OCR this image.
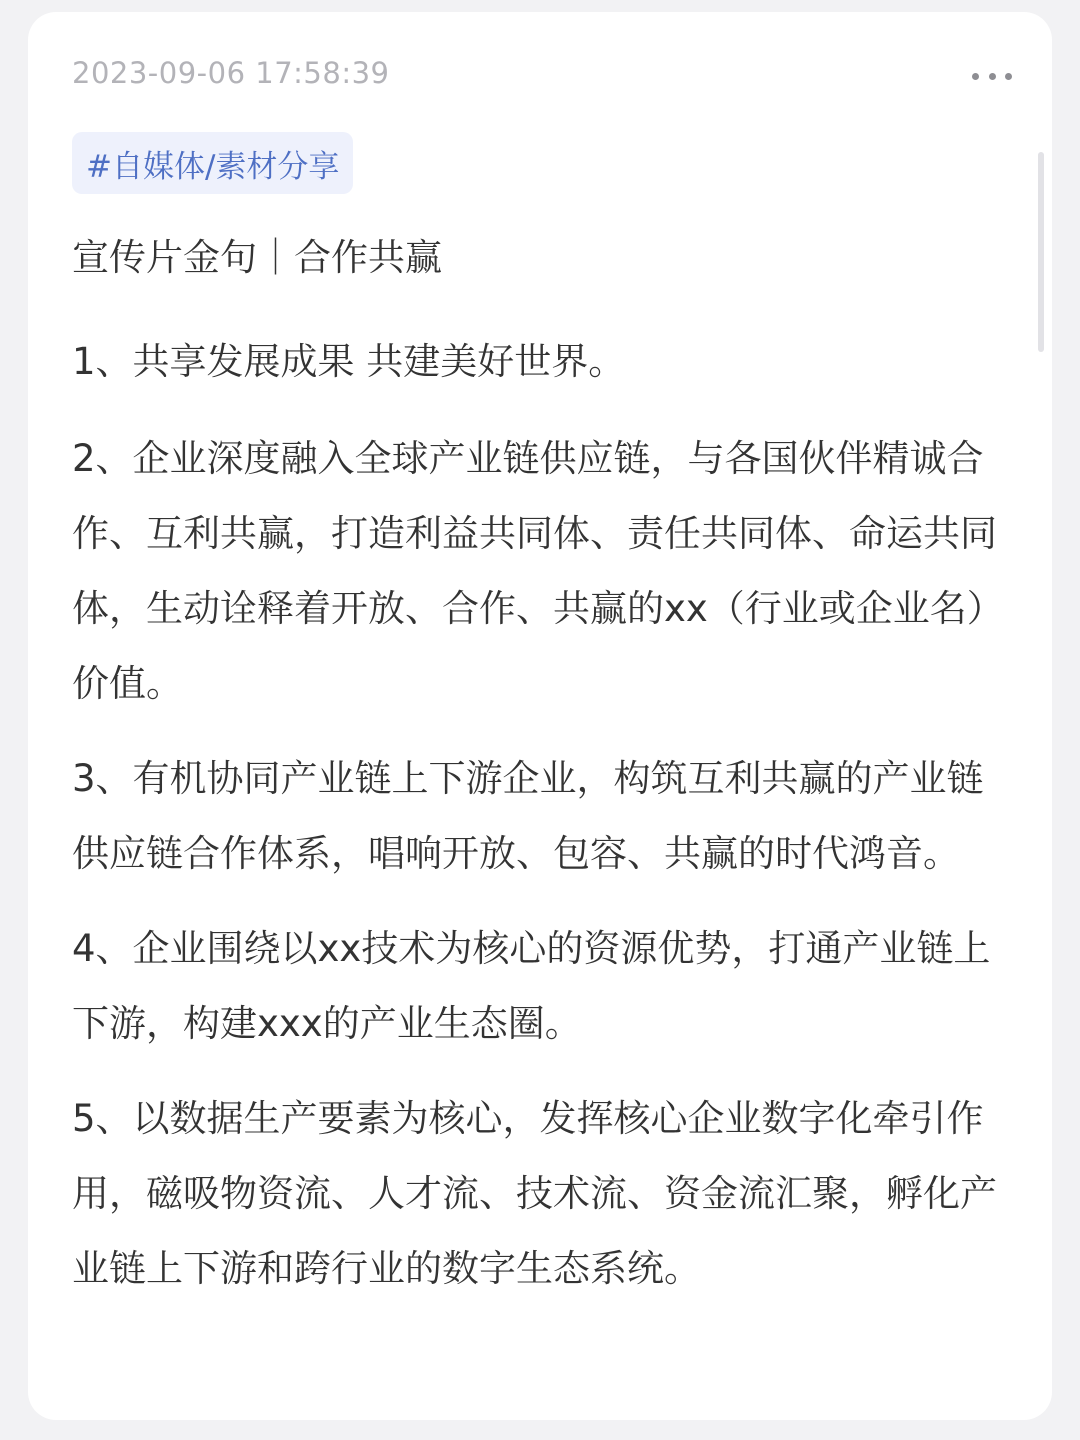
2023-09-06 17:58:39
#自媒体/素材分享
宣传片金句｜合作共赢

1、共享发展成果 共建美好世界。

2、企业深度融入全球产业链供应链，与各国伙伴精诚合作、互利共赢，打造利益共同体、责任共同体、命运共同体，生动诠释着开放、合作、共赢的xx（行业或企业名）价值。

3、有机协同产业链上下游企业，构筑互利共赢的产业链供应链合作体系，唱响开放、包容、共赢的时代鸿音。

4、企业围绕以xx技术为核心的资源优势，打通产业链上下游，构建xxx的产业生态圈。

5、以数据生产要素为核心，发挥核心企业数字化牵引作用，磁吸物资流、人才流、技术流、资金流汇聚，孵化产业链上下游和跨行业的数字生态系统。
